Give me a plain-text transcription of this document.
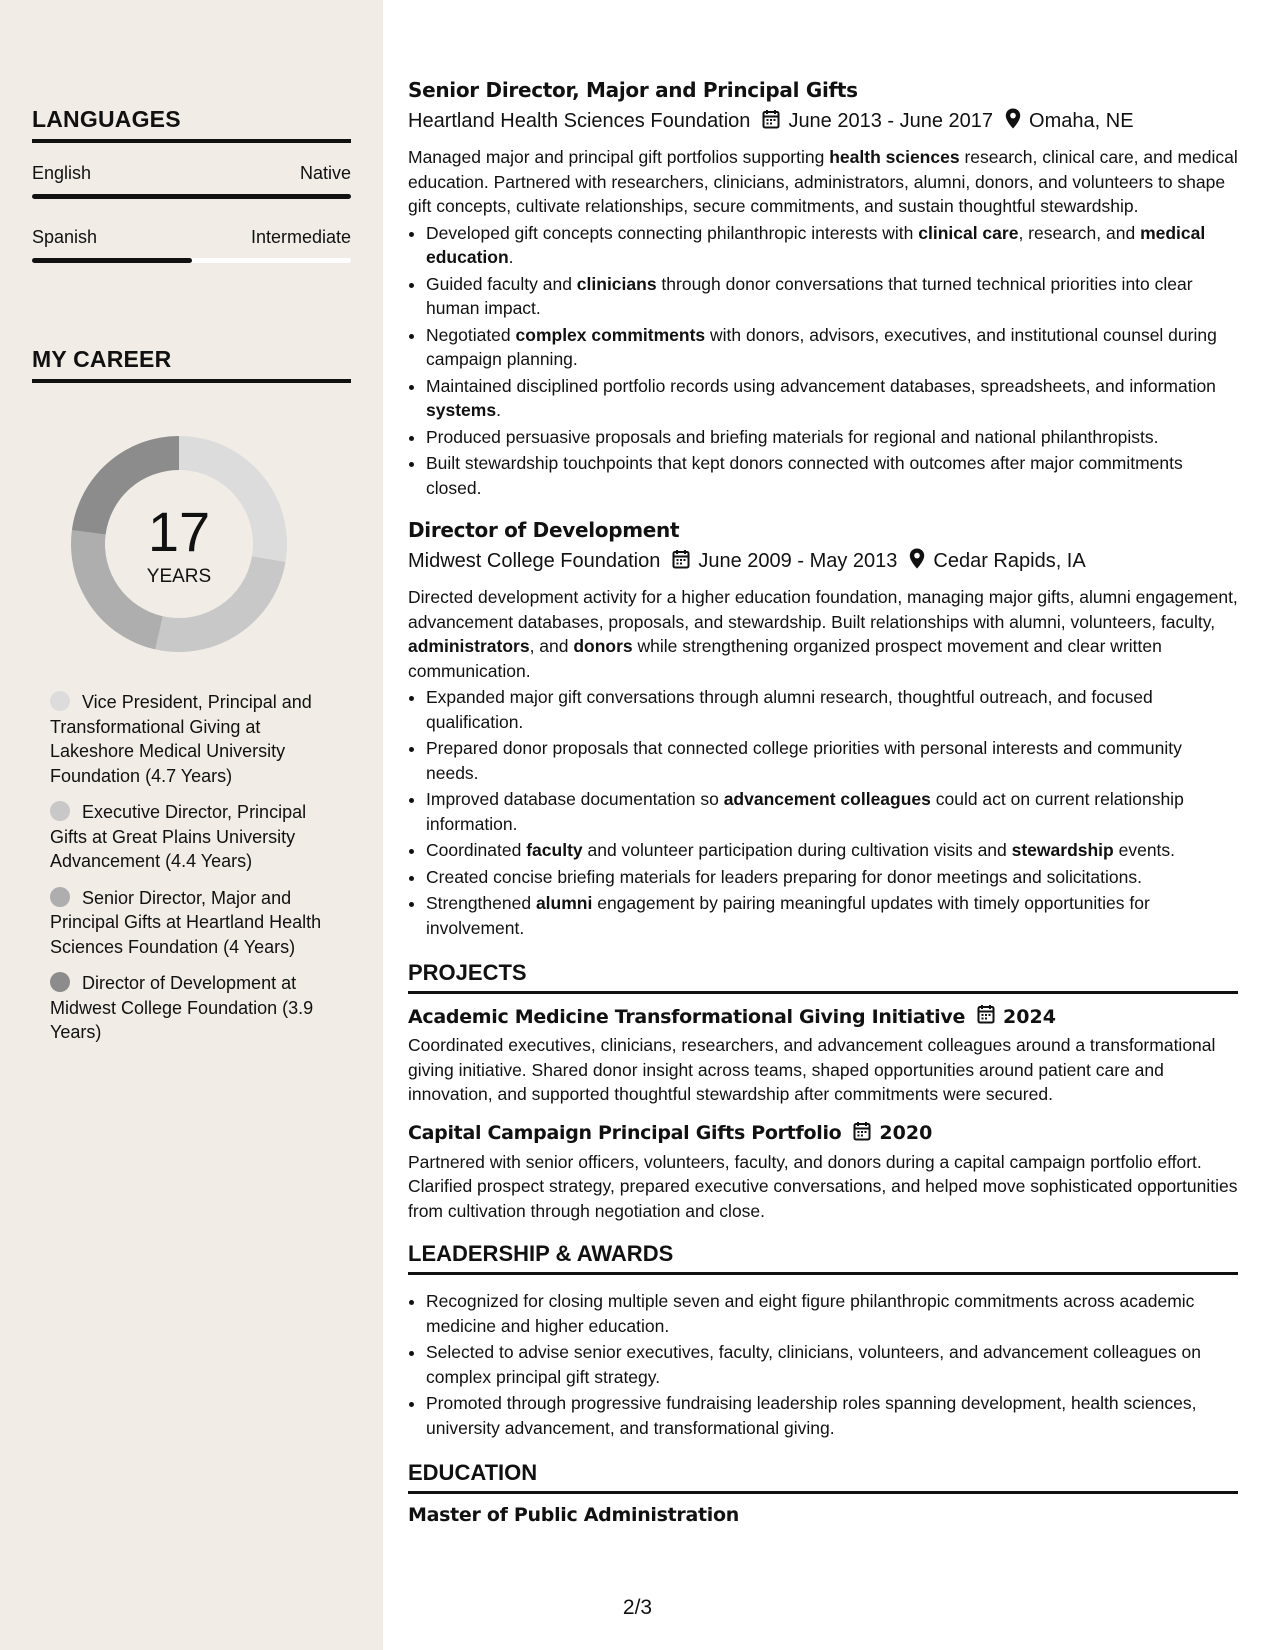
LANGUAGES
English	Native
Spanish	Intermediate
MY CAREER
17
YEARS
Vice President, Principal and Transformational Giving at Lakeshore Medical University Foundation (4.7 Years)
Executive Director, Principal Gifts at Great Plains University Advancement (4.4 Years)
Senior Director, Major and Principal Gifts at Heartland Health Sciences Foundation (4 Years)
Director of Development at Midwest College Foundation (3.9 Years)
Senior Director, Major and Principal Gifts
Heartland Health Sciences Foundation June 2013 - June 2017 Omaha, NE

Managed major and principal gift portfolios supporting health sciences research, clinical care, and medical education. Partnered with researchers, clinicians, administrators, alumni, donors, and volunteers to shape gift concepts, cultivate relationships, secure commitments, and sustain thoughtful stewardship.

• Developed gift concepts connecting philanthropic interests with clinical care, research, and medical education.
• Guided faculty and clinicians through donor conversations that turned technical priorities into clear human impact.
• Negotiated complex commitments with donors, advisors, executives, and institutional counsel during campaign planning.
• Maintained disciplined portfolio records using advancement databases, spreadsheets, and information systems.
• Produced persuasive proposals and briefing materials for regional and national philanthropists.
• Built stewardship touchpoints that kept donors connected with outcomes after major commitments closed.
Director of Development
Midwest College Foundation June 2009 - May 2013 Cedar Rapids, IA

Directed development activity for a higher education foundation, managing major gifts, alumni engagement, advancement databases, proposals, and stewardship. Built relationships with alumni, volunteers, faculty, administrators, and donors while strengthening organized prospect movement and clear written communication.

• Expanded major gift conversations through alumni research, thoughtful outreach, and focused qualification.
• Prepared donor proposals that connected college priorities with personal interests and community needs.
• Improved database documentation so advancement colleagues could act on current relationship information.
• Coordinated faculty and volunteer participation during cultivation visits and stewardship events.
• Created concise briefing materials for leaders preparing for donor meetings and solicitations.
• Strengthened alumni engagement by pairing meaningful updates with timely opportunities for involvement.
PROJECTS
Academic Medicine Transformational Giving Initiative 2024

Coordinated executives, clinicians, researchers, and advancement colleagues around a transformational giving initiative. Shared donor insight across teams, shaped opportunities around patient care and innovation, and supported thoughtful stewardship after commitments were secured.

Capital Campaign Principal Gifts Portfolio 2020

Partnered with senior officers, volunteers, faculty, and donors during a capital campaign portfolio effort. Clarified prospect strategy, prepared executive conversations, and helped move sophisticated opportunities from cultivation through negotiation and close.

LEADERSHIP & AWARDS
• Recognized for closing multiple seven and eight figure philanthropic commitments across academic medicine and higher education.
• Selected to advise senior executives, faculty, clinicians, volunteers, and advancement colleagues on complex principal gift strategy.
• Promoted through progressive fundraising leadership roles spanning development, health sciences, university advancement, and transformational giving.
EDUCATION
Master of Public Administration
2/3
